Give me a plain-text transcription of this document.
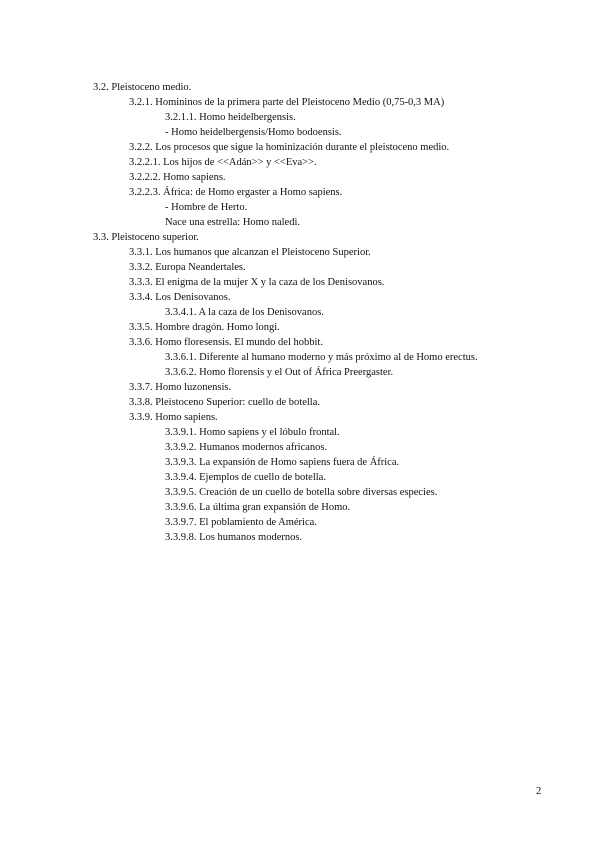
3.2. Pleistoceno medio.
3.2.1. Homininos de la primera parte del Pleistoceno Medio (0,75-0,3 MA)
3.2.1.1. Homo heidelbergensis.
- Homo heidelbergensis/Homo bodoensis.
3.2.2. Los procesos que sigue la hominización durante el pleistoceno medio.
3.2.2.1. Los hijos de <<Adán>> y <<Eva>>.
3.2.2.2. Homo sapiens.
3.2.2.3. África: de Homo ergaster a Homo sapiens.
- Hombre de Herto.
Nace una estrella: Homo naledi.
3.3. Pleistoceno superior.
3.3.1. Los humanos que alcanzan el Pleistoceno Superior.
3.3.2. Europa Neandertales.
3.3.3. El enigma de la mujer X y la caza de los Denisovanos.
3.3.4. Los Denisovanos.
3.3.4.1. A la caza de los Denisovanos.
3.3.5. Hombre dragón. Homo longi.
3.3.6. Homo floresensis. El mundo del hobbit.
3.3.6.1. Diferente al humano moderno y más próximo al de Homo erectus.
3.3.6.2. Homo florensis y el Out of África Preergaster.
3.3.7. Homo luzonensis.
3.3.8. Pleistoceno Superior: cuello de botella.
3.3.9. Homo sapiens.
3.3.9.1. Homo sapiens y el lóbulo frontal.
3.3.9.2. Humanos modernos africanos.
3.3.9.3. La expansión de Homo sapiens fuera de África.
3.3.9.4. Ejemplos de cuello de botella.
3.3.9.5. Creación de un cuello de botella sobre diversas especies.
3.3.9.6. La última gran expansión de Homo.
3.3.9.7. El poblamiento de América.
3.3.9.8. Los humanos modernos.
2
